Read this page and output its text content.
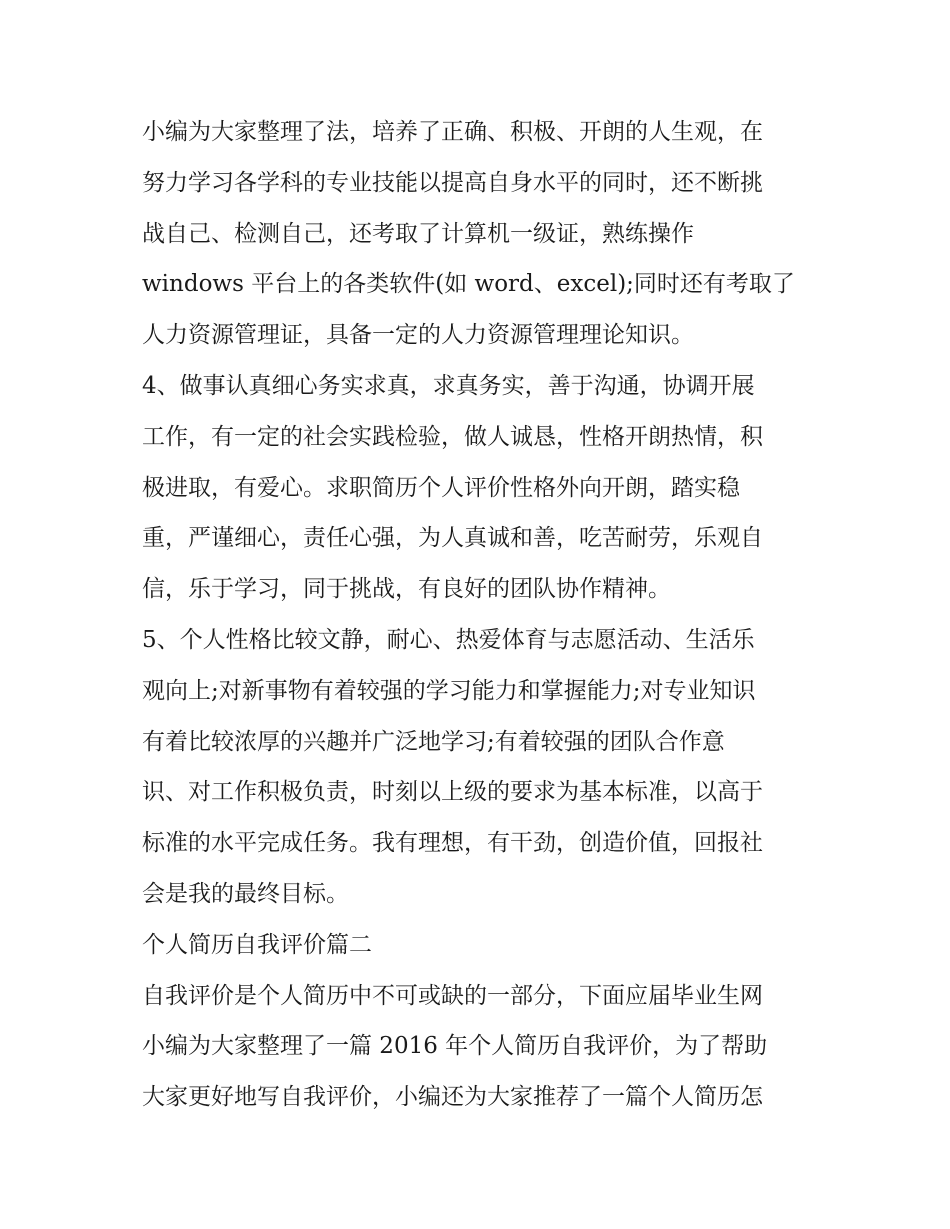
小编为大家整理了法，培养了正确、积极、开朗的人生观，在
努力学习各学科的专业技能以提高自身水平的同时，还不断挑
战自己、检测自己，还考取了计算机一级证，熟练操作
windows 平台上的各类软件(如 word、excel);同时还有考取了
人力资源管理证，具备一定的人力资源管理理论知识。
4、做事认真细心务实求真，求真务实，善于沟通，协调开展
工作，有一定的社会实践检验，做人诚恳，性格开朗热情，积
极进取，有爱心。求职简历个人评价性格外向开朗，踏实稳
重，严谨细心，责任心强，为人真诚和善，吃苦耐劳，乐观自
信，乐于学习，同于挑战，有良好的团队协作精神。
5、个人性格比较文静，耐心、热爱体育与志愿活动、生活乐
观向上;对新事物有着较强的学习能力和掌握能力;对专业知识
有着比较浓厚的兴趣并广泛地学习;有着较强的团队合作意
识、对工作积极负责，时刻以上级的要求为基本标准，以高于
标准的水平完成任务。我有理想，有干劲，创造价值，回报社
会是我的最终目标。
个人简历自我评价篇二
自我评价是个人简历中不可或缺的一部分，下面应届毕业生网
小编为大家整理了一篇 2016 年个人简历自我评价，为了帮助
大家更好地写自我评价，小编还为大家推荐了一篇个人简历怎
